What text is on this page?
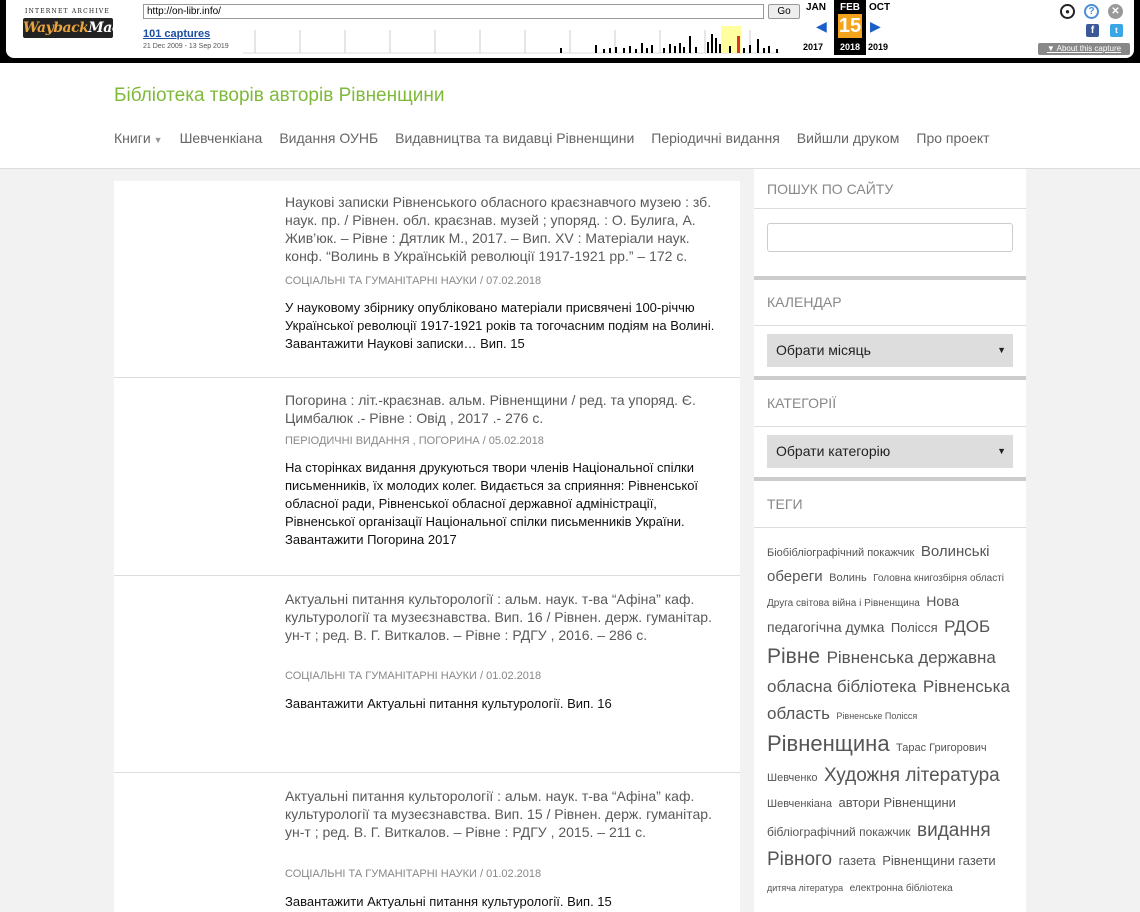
INTERNET ARCHIVE
WaybackMachine
http://on-libr.info/
Go
101 captures
21 Dec 2009 - 13 Sep 2019
JAN
◀
2017
FEB
15
2018
▶
OCT
2019
●	?	✕
f	t
▼ About this capture
Бібліотека творів авторів Рівненщини
Книги ▼ Шевченкіана Видання ОУНБ Видавництва та видавці Рівненщини Періодичні видання Вийшли друком Про проект
Наукові записки Рівненського обласного краєзнавчого музею : зб. наук. пр. / Рівнен. обл. краєзнав. музей ; упоряд. : О. Булига, А. Жив’юк. – Рівне : Дятлик М., 2017. – Вип. XV : Матеріали наук. конф. “Волинь в Українській революції 1917-1921 рр.” – 172 с.
СОЦІАЛЬНІ ТА ГУМАНІТАРНІ НАУКИ / 07.02.2018
У науковому збірнику опубліковано матеріали присвячені 100-річчю Української революції 1917-1921 років та тогочасним подіям на Волині. Завантажити Наукові записки… Вип. 15
Погорина : літ.-краєзнав. альм. Рівненщини / ред. та упоряд. Є. Цимбалюк .- Рівне : Овід , 2017 .- 276 с.
ПЕРІОДИЧНІ ВИДАННЯ , ПОГОРИНА / 05.02.2018
На сторінках видання друкуються твори членів Національної спілки письменників, їх молодих колег. Видається за сприяння: Рівненської обласної ради, Рівненської обласної державної адміністрації, Рівненської організації Національної спілки письменників України. Завантажити Погорина 2017
Актуальні питання культорології : альм. наук. т-ва “Афіна” каф. культурології та музеєзнавства. Вип. 16 / Рівнен. держ. гуманітар. ун-т ; ред. В. Г. Виткалов. – Рівне : РДГУ , 2016. – 286 с.
СОЦІАЛЬНІ ТА ГУМАНІТАРНІ НАУКИ / 01.02.2018
Завантажити Актуальні питання культурології. Вип. 16
Актуальні питання культорології : альм. наук. т-ва “Афіна” каф. культурології та музеєзнавства. Вип. 15 / Рівнен. держ. гуманітар. ун-т ; ред. В. Г. Виткалов. – Рівне : РДГУ , 2015. – 211 с.
СОЦІАЛЬНІ ТА ГУМАНІТАРНІ НАУКИ / 01.02.2018
Завантажити Актуальні питання культурології. Вип. 15
ПОШУК ПО САЙТУ
КАЛЕНДАР
Обрати місяць	▼
КАТЕГОРІЇ
Обрати категорію	▼
ТЕГИ
Біобібліографічний покажчик Волинські обереги Волинь Головна книгозбірня області Друга світова війна і Рівненщина Нова педагогічна думка Полісся РДОБ Рівне Рівненська державна обласна бібліотека Рівненська область Рівненське Полісся Рівненщина Тарас Григорович Шевченко Художня література Шевченкіана автори Рівненщини бібліографічний покажчик видання Рівного газета Рівненщини газети дитяча література електронна бібліотека
